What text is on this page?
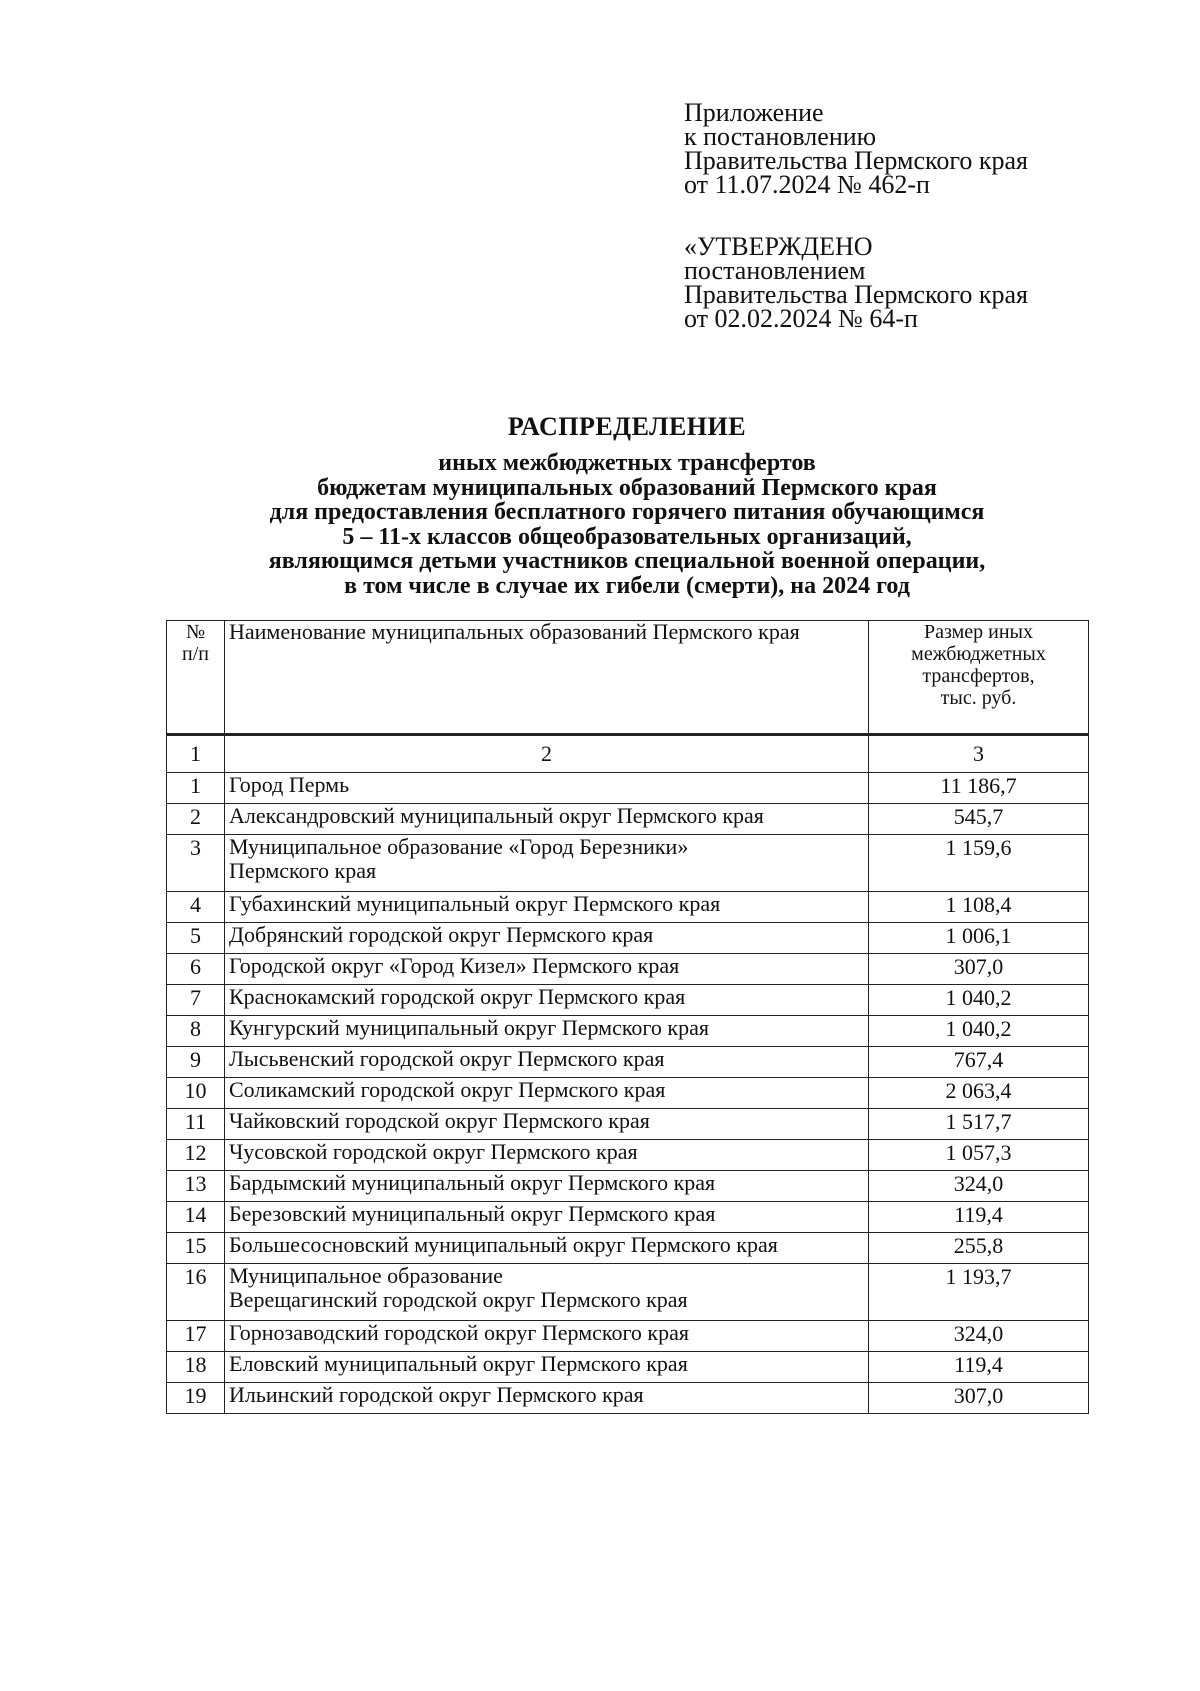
Приложение
к постановлению
Правительства Пермского края
от 11.07.2024 № 462-п
«УТВЕРЖДЕНО
постановлением
Правительства Пермского края
от 02.02.2024 № 64-п
РАСПРЕДЕЛЕНИЕ
иных межбюджетных трансфертов
бюджетам муниципальных образований Пермского края
для предоставления бесплатного горячего питания обучающимся
5 – 11-х классов общеобразовательных организаций,
являющимся детьми участников специальной военной операции,
в том числе в случае их гибели (смерти), на 2024 год
№
п/п	Наименование муниципальных образований Пермского края	Размер иных
межбюджетных
трансфертов,
тыс. руб.
1	2	3
1	Город Пермь	11 186,7
2	Александровский муниципальный округ Пермского края	545,7
3	Муниципальное образование «Город Березники»
Пермского края	1 159,6
4	Губахинский муниципальный округ Пермского края	1 108,4
5	Добрянский городской округ Пермского края	1 006,1
6	Городской округ «Город Кизел» Пермского края	307,0
7	Краснокамский городской округ Пермского края	1 040,2
8	Кунгурский муниципальный округ Пермского края	1 040,2
9	Лысьвенский городской округ Пермского края	767,4
10	Соликамский городской округ Пермского края	2 063,4
11	Чайковский городской округ Пермского края	1 517,7
12	Чусовской городской округ Пермского края	1 057,3
13	Бардымский муниципальный округ Пермского края	324,0
14	Березовский муниципальный округ Пермского края	119,4
15	Большесосновский муниципальный округ Пермского края	255,8
16	Муниципальное образование
Верещагинский городской округ Пермского края	1 193,7
17	Горнозаводский городской округ Пермского края	324,0
18	Еловский муниципальный округ Пермского края	119,4
19	Ильинский городской округ Пермского края	307,0
